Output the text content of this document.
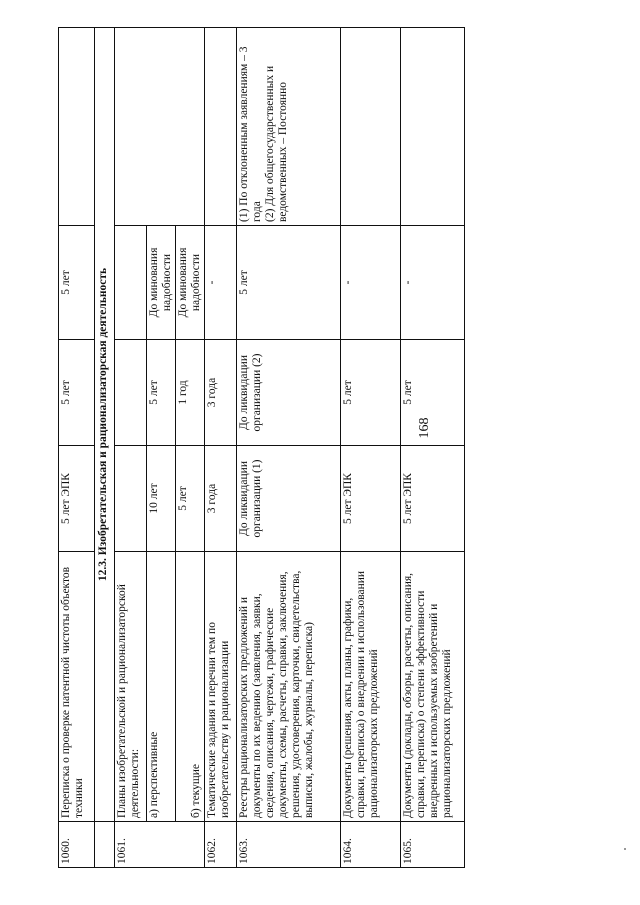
168
1060.	Переписка о проверке патентной чистоты объектов техники	5 лет ЭПК	5 лет	5 лет	
	12.3. Изобретательская и рационализаторская деятельность				
1061.	Планы изобретательской и рационализаторской деятельности:				
	а) перспективные	10 лет	5 лет	До минования надобности	
	б) текущие	5 лет	1 год	До минования надобности	
1062.	Тематические задания и перечни тем по изобретательству и рационализации	3 года	3 года	-	
1063.	Реестры рационализаторских предложений и документы по их ведению (заявления, заявки, сведения, описания, чертежи, графические документы, схемы, расчеты, справки, заключения, решения, удостоверения, карточки, свидетельства, выписки, жалобы, журналы, переписка)	До ликвидации организации (1)	До ликвидации организации (2)	5 лет	(1) По отклоненным заявлениям – 3 года
(2) Для общегосударственных и ведомственных – Постоянно
1064.	Документы (решения, акты, планы, графики, справки, переписка) о внедрении и использовании рационализаторских предложений	5 лет ЭПК	5 лет	-	
1065.	Документы (доклады, обзоры, расчеты, описания, справки, переписка) о степени эффективности внедренных и используемых изобретений и рационализаторских предложений	5 лет ЭПК	5 лет	-	
